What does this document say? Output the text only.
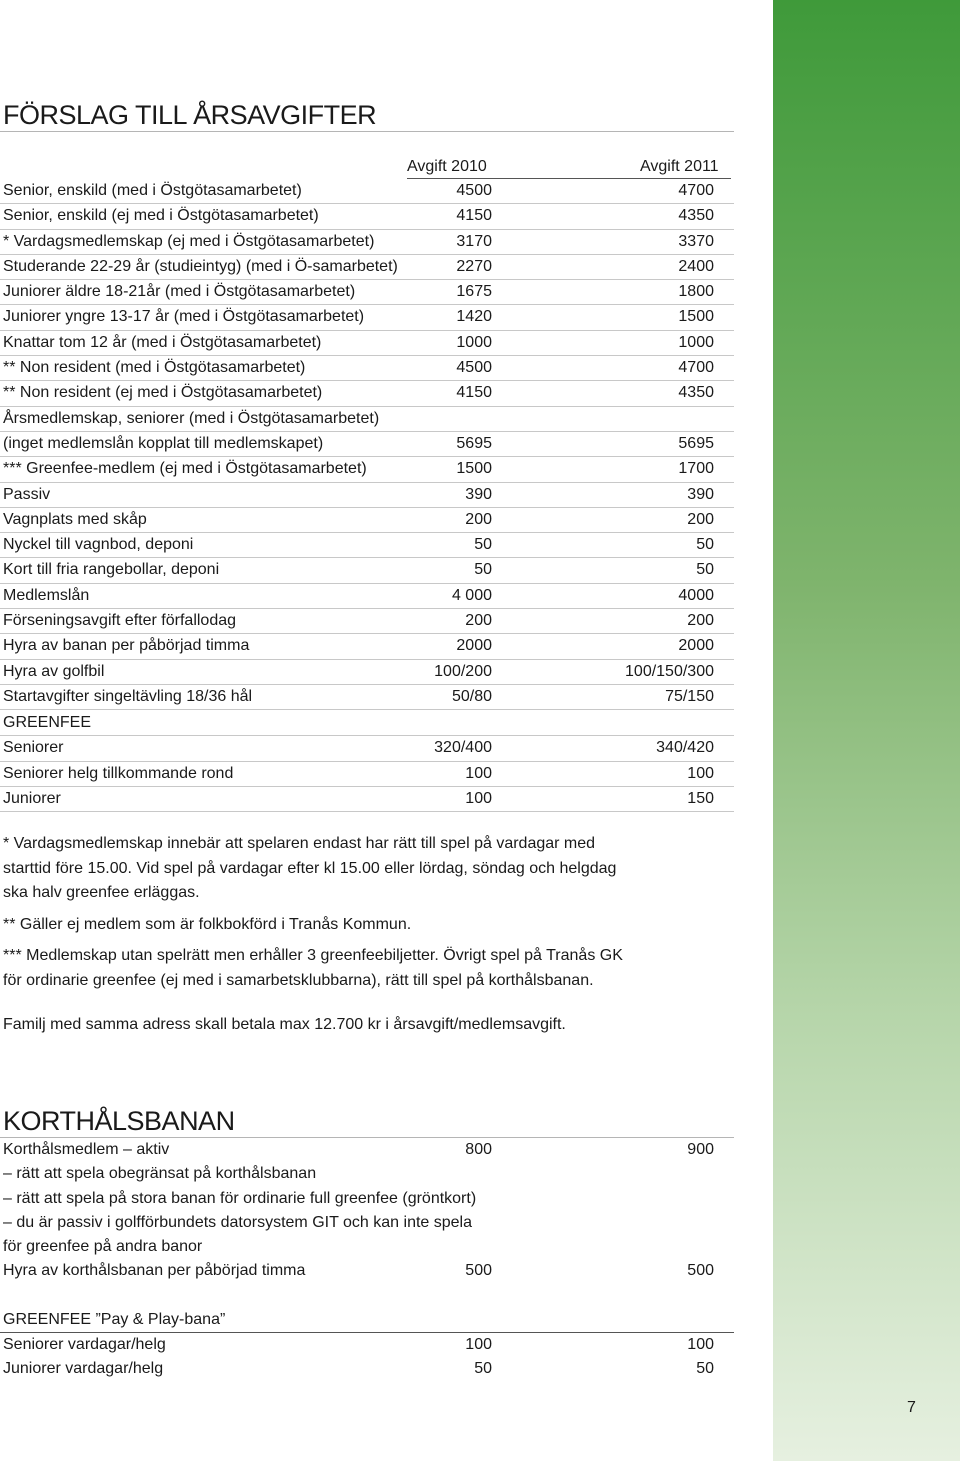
FÖRSLAG TILL ÅRSAVGIFTER
Avgift 2010	Avgift 2011
Senior, enskild (med i Östgötasamarbetet)	4500	4700
Senior, enskild (ej med i Östgötasamarbetet)	4150	4350
* Vardagsmedlemskap (ej med i Östgötasamarbetet)	3170	3370
Studerande 22-29 år (studieintyg) (med i Ö-samarbetet)	2270	2400
Juniorer äldre 18-21år (med i Östgötasamarbetet)	1675	1800
Juniorer yngre 13-17 år (med i Östgötasamarbetet)	1420	1500
Knattar tom 12 år (med i Östgötasamarbetet)	1000	1000
** Non resident (med i Östgötasamarbetet)	4500	4700
** Non resident (ej med i Östgötasamarbetet)	4150	4350
Årsmedlemskap, seniorer (med i Östgötasamarbetet)
(inget medlemslån kopplat till medlemskapet)	5695	5695
*** Greenfee-medlem (ej med i Östgötasamarbetet)	1500	1700
Passiv	390	390
Vagnplats med skåp	200	200
Nyckel till vagnbod, deponi	50	50
Kort till fria rangebollar, deponi	50	50
Medlemslån	4 000	4000
Förseningsavgift efter förfallodag	200	200
Hyra av banan per påbörjad timma	2000	2000
Hyra av golfbil	100/200	100/150/300
Startavgifter singeltävling 18/36 hål	50/80	75/150
GREENFEE
Seniorer	320/400	340/420
Seniorer helg tillkommande rond	100	100
Juniorer	100	150

* Vardagsmedlemskap innebär att spelaren endast har rätt till spel på vardagar med
starttid före 15.00. Vid spel på vardagar efter kl 15.00 eller lördag, söndag och helgdag
ska halv greenfee erläggas.

** Gäller ej medlem som är folkbokförd i Tranås Kommun.

*** Medlemskap utan spelrätt men erhåller 3 greenfeebiljetter. Övrigt spel på Tranås GK
för ordinarie greenfee (ej med i samarbetsklubbarna), rätt till spel på korthålsbanan.

Familj med samma adress skall betala max 12.700 kr i årsavgift/medlemsavgift.

KORTHÅLSBANAN
Korthålsmedlem – aktiv	800	900
– rätt att spela obegränsat på korthålsbanan
– rätt att spela på stora banan för ordinarie full greenfee (gröntkort)
– du är passiv i golfförbundets datorsystem GIT och kan inte spela
för greenfee på andra banor
Hyra av korthålsbanan per påbörjad timma	500	500
GREENFEE ”Pay & Play-bana”
Seniorer vardagar/helg	100	100
Juniorer vardagar/helg	50	50
7
